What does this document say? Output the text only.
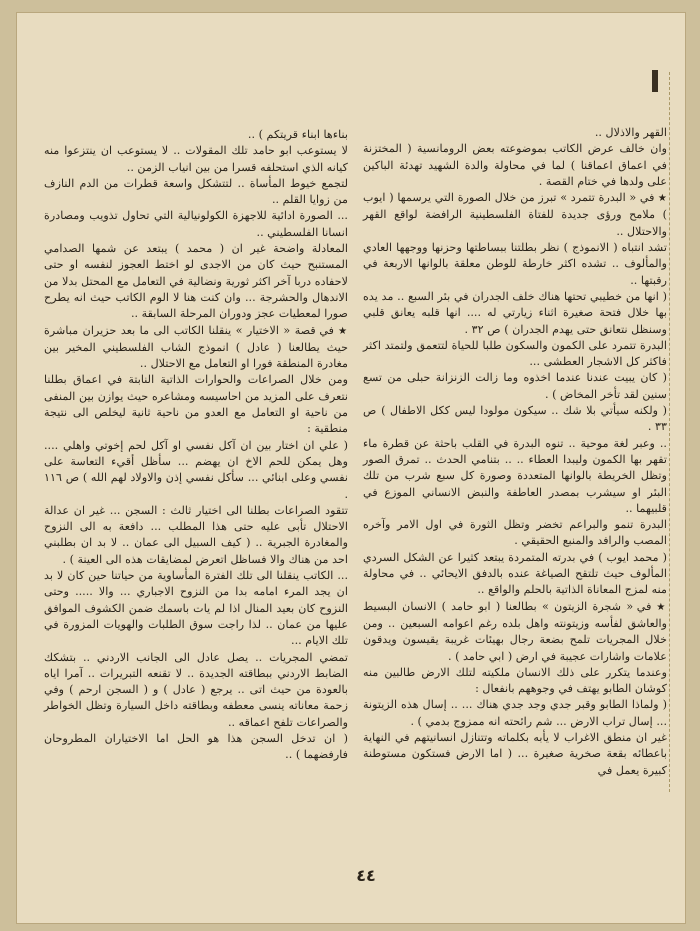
القهر والاذلال ..

وان خالف عرض الكاتب بموضوعته بعض الرومانسية ( المختزنة في اعماق اعماقنا ) لما في محاولة والدة الشهيد تهدئة الباكين على ولدها في ختام القصة .

★ في « البدرة تتمرد » تبرز من خلال الصورة التي يرسمها ( ايوب ) ملامح ورؤى جديدة للفتاة الفلسطينية الرافضة لواقع القهر والاحتلال ..

تشد انتباه ( الانموذج ) نظر بطلتنا ببساطتها وحزنها ووجهها العادي والمألوف .. تشده اكثر خارطة للوطن معلقة بالوانها الاربعة في رقبتها ..

( انها من خطيبي تحتها هناك خلف الجدران في بئر السبع .. مد يده بها خلال فتحة صغيرة اثناء زيارتي له .... انها قلبه يعانق قلبي وسنظل نتعانق حتى يهدم الجدران ) ص ٣٢ .

البدرة تتمرد على الكمون والسكون طلبا للحياة لتتعمق ولتمتد اكثر فاكثر كل الاشجار العطشى ...

( كان يبيت عندنا عندما اخذوه وما زالت الزنزانة حبلى من تسع سنين لقد تأخر المخاض ) .

( ولكنه سيأتي بلا شك .. سيكون مولودا ليس ككل الاطفال ) ص ٣٣ .

.. وعبر لغة موحية .. تنوه البدرة في القلب باحثة عن قطرة ماء تقهر بها الكمون وليبدا العطاء .. .. بتنامي الحدث .. تمرق الصور وتظل الخريطة بالوانها المتعددة وصورة كل سبع شرب من تلك البئر او سيشرب بمصدر العاطفة والنبض الانساني الموزع في قلبيهما ..

البدرة تنمو والبراعم تخضر وتظل الثورة في اول الامر وآخره المصب والرافد والمنبع الحقيقي .

( محمد ايوب ) في بدرته المتمردة يبتعد كثيرا عن الشكل السردي المألوف حيث تلتقح الصياغة عنده بالدفق الايحائي .. في محاولة منه لمزج المعاناة الذاتية بالحلم والواقع ..

★ في « شجرة الزيتون » بطالعنا ( ابو حامد ) الانسان البسيط والعاشق لفأسه وزيتونته واهل بلده رغم اعوامه السبعين .. ومن خلال المجريات تلمح بضعة رجال بهيئات غريبة يقيسون ويدقون علامات واشارات عجيبة في ارض ( ابي حامد ) .

وعندما يتكرر على ذلك الانسان ملكيته لتلك الارض طالبين منه كوشان الطابو يهتف في وجوههم بانفعال :

( ولماذا الطابو وقبر جدي وجد جدي هناك ... .. إسال هذه الزيتونة ... إسال تراب الارض ... شم رائحته انه ممزوج بدمي ) .

غير ان منطق الاغراب لا يأبه بكلماته وتتنازل انسانيتهم في النهاية باعطائه بقعة صخرية صغيرة ... ( اما الارض فستكون مستوطنة كبيرة يعمل في

بناءها ابناء قريتكم ) ..

لا يستوعب ابو حامد تلك المقولات .. لا يستوعب ان ينتزعوا منه كيانه الذي استحلفه قسرا من بين انياب الزمن ..

لتجمع خيوط المأساة .. لتتشكل واسعة قطرات من الدم النازف من زوايا القلم ..

... الصورة ادائية للاجهزة الكولونيالية التي تحاول تذويب ومصادرة انسانا الفلسطيني ..

المعادلة واضحة غير ان ( محمد ) يبتعد عن شمها الصدامي المستنبح حيث كان من الاجدى لو اختط العجوز لنفسه او حتى لاحفاده دربا آخر اكثر ثورية ونضالية في التعامل مع المحتل بدلا من الاندهال والحشرجة ... وان كنت هنا لا الوم الكاتب حيث انه يطرح صورا لمعطيات عجز ودوران المرحلة السابقة ..

★ في قصة « الاختيار » ينقلنا الكاتب الى ما بعد حزيران مباشرة حيث يطالعنا ( عادل ) انموذج الشاب الفلسطيني المخير بين مغادرة المنطقة فورا او التعامل مع الاحتلال ..

ومن خلال الصراعات والحوارات الذاتية النابتة في اعماق بطلنا نتعرف على المزيد من احاسيسه ومشاعره حيث يوازن بين المنفى من ناحية او التعامل مع العدو من ناحية ثانية ليخلص الى نتيجة منطقية :

( علي ان اختار بين ان آكل نفسي او آكل لحم إخوتي واهلي .... وهل يمكن للحم الاخ ان يهضم ... سأظل أقيء التعاسة على نفسي وعلى ابنائي ... سأكل نفسي إذن والاولاد لهم الله ) ص ١١٦ .

تتقود الصراعات بطلنا الى اختيار ثالث : السجن ... غير ان عدالة الاحتلال تأبى عليه حتى هذا المطلب ... دافعة به الى النزوح والمغادرة الجبرية .. ( كيف السبيل الى عمان .. لا بد ان بطلبني احد من هناك والا فساظل اتعرض لمضايقات هذه الى العينة ) .

... الكاتب ينقلنا الى تلك الفترة المأساوية من حياتنا حين كان لا بد ان يجد المرء امامه بدا من النزوح الاجباري ... والا ..... وحتى النزوح كان بعيد المنال اذا لم يات باسمك ضمن الكشوف الموافق عليها من عمان .. لذا راجت سوق الطلبات والهويات المزورة في تلك الايام ...

تمضي المجريات .. يصل عادل الى الجانب الاردني .. بتشكك الضابط الاردني ببطاقته الجديدة .. لا تقنعه التبريرات .. آمرا اياه بالعودة من حيث اتى .. يرجع ( عادل ) و ( السجن ارحم ) وفي زحمة معاناته ينسى معطفه وبطاقته داخل السيارة وتظل الخواطر والصراعات تلفح اعماقه ..

( ان تدخل السجن هذا هو الحل اما الاختياران المطروحان فارفضهما ) ..

٤٤
